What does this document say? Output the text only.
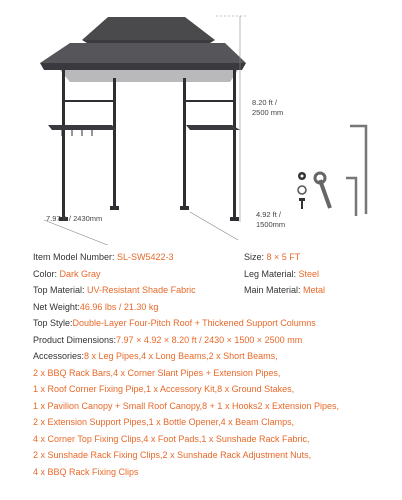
8.20 ft /
2500 mm
7.97 ft / 2430mm	4.92 ft /
1500mm
Item Model Number: SL-SW5422-3	Size: 8 × 5 FT
Color: Dark Gray	Leg Material: Steel
Top Material: UV-Resistant Shade Fabric	Main Material: Metal
Net Weight: 46.96 lbs / 21.30 kg
Top Style: Double-Layer Four-Pitch Roof + Thickened Support Columns
Product Dimensions: 7.97 × 4.92 × 8.20 ft / 2430 × 1500 × 2500 mm
Accessories: 8 x Leg Pipes,4 x Long Beams,2 x Short Beams,
2 x BBQ Rack Bars,4 x Corner Slant Pipes + Extension Pipes,
1 x Roof Corner Fixing Pipe,1 x Accessory Kit,8 x Ground Stakes,
1 x Pavilion Canopy + Small Roof Canopy,8 + 1 x Hooks2 x Extension Pipes,
2 x Extension Support Pipes,1 x Bottle Opener,4 x Beam Clamps,
4 x Corner Top Fixing Clips,4 x Foot Pads,1 x Sunshade Rack Fabric,
2 x Sunshade Rack Fixing Clips,2 x Sunshade Rack Adjustment Nuts,
4 x BBQ Rack Fixing Clips
